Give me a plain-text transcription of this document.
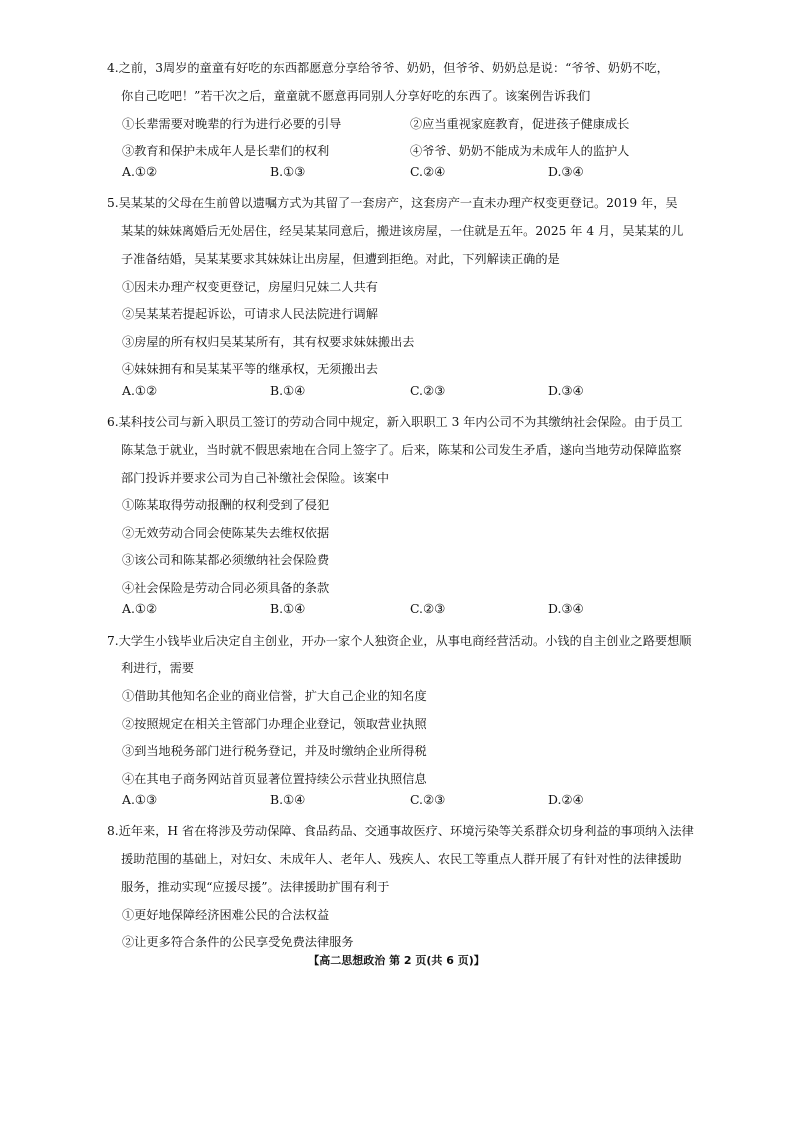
4.之前，3周岁的童童有好吃的东西都愿意分享给爷爷、奶奶，但爷爷、奶奶总是说：“爷爷、奶奶不吃，
你自己吃吧！”若干次之后，童童就不愿意再同别人分享好吃的东西了。该案例告诉我们
①长辈需要对晚辈的行为进行必要的引导	②应当重视家庭教育，促进孩子健康成长
③教育和保护未成年人是长辈们的权利	④爷爷、奶奶不能成为未成年人的监护人
A.①②	B.①③	C.②④	D.③④
5.吴某某的父母在生前曾以遗嘱方式为其留了一套房产，这套房产一直未办理产权变更登记。2019 年，吴
某某的妹妹离婚后无处居住，经吴某某同意后，搬进该房屋，一住就是五年。2025 年 4 月，吴某某的儿
子准备结婚，吴某某要求其妹妹让出房屋，但遭到拒绝。对此，下列解读正确的是
①因未办理产权变更登记，房屋归兄妹二人共有
②吴某某若提起诉讼，可请求人民法院进行调解
③房屋的所有权归吴某某所有，其有权要求妹妹搬出去
④妹妹拥有和吴某某平等的继承权，无须搬出去
A.①②	B.①④	C.②③	D.③④
6.某科技公司与新入职员工签订的劳动合同中规定，新入职职工 3 年内公司不为其缴纳社会保险。由于员工
陈某急于就业，当时就不假思索地在合同上签字了。后来，陈某和公司发生矛盾，遂向当地劳动保障监察
部门投诉并要求公司为自己补缴社会保险。该案中
①陈某取得劳动报酬的权利受到了侵犯
②无效劳动合同会使陈某失去维权依据
③该公司和陈某都必须缴纳社会保险费
④社会保险是劳动合同必须具备的条款
A.①②	B.①④	C.②③	D.③④
7.大学生小钱毕业后决定自主创业，开办一家个人独资企业，从事电商经营活动。小钱的自主创业之路要想顺
利进行，需要
①借助其他知名企业的商业信誉，扩大自己企业的知名度
②按照规定在相关主管部门办理企业登记，领取营业执照
③到当地税务部门进行税务登记，并及时缴纳企业所得税
④在其电子商务网站首页显著位置持续公示营业执照信息
A.①③	B.①④	C.②③	D.②④
8.近年来，H 省在将涉及劳动保障、食品药品、交通事故医疗、环境污染等关系群众切身利益的事项纳入法律
援助范围的基础上，对妇女、未成年人、老年人、残疾人、农民工等重点人群开展了有针对性的法律援助
服务，推动实现“应援尽援”。法律援助扩围有利于
①更好地保障经济困难公民的合法权益
②让更多符合条件的公民享受免费法律服务
【高二思想政治 第 2 页(共 6 页)】
